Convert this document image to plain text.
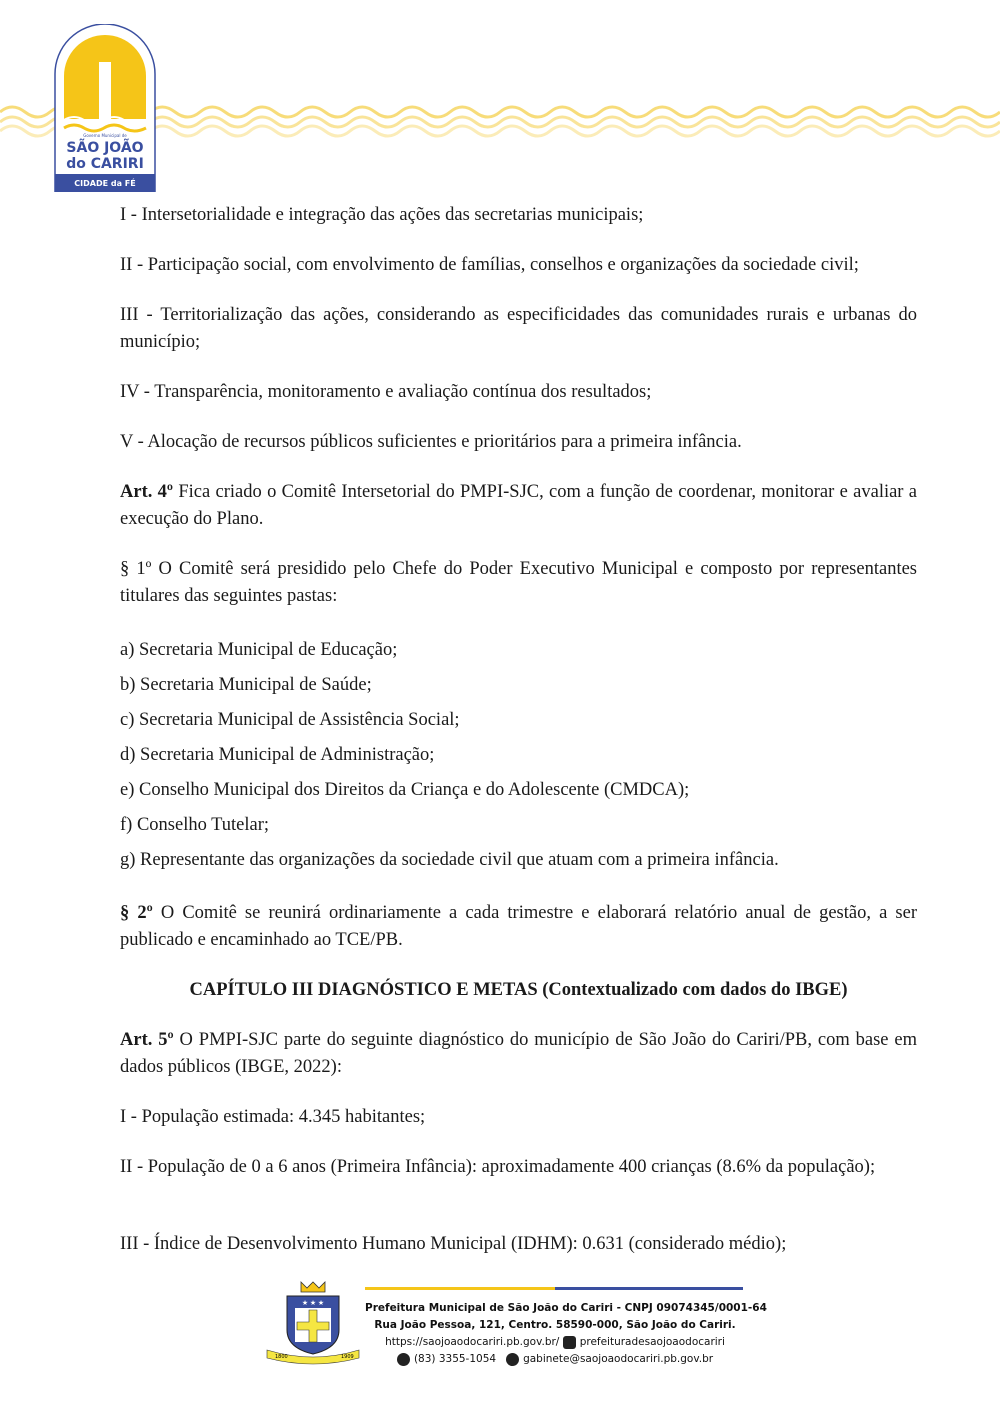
Governo Municipal de
SÃO JOÃO
do CARIRI
CIDADE da FÉ
I - Intersetorialidade e integração das ações das secretarias municipais;
II - Participação social, com envolvimento de famílias, conselhos e organizações da sociedade civil;
III - Territorialização das ações, considerando as especificidades das comunidades rurais e urbanas do município;
IV - Transparência, monitoramento e avaliação contínua dos resultados;
V - Alocação de recursos públicos suficientes e prioritários para a primeira infância.
Art. 4º Fica criado o Comitê Intersetorial do PMPI-SJC, com a função de coordenar, monitorar e avaliar a execução do Plano.
§ 1º O Comitê será presidido pelo Chefe do Poder Executivo Municipal e composto por representantes titulares das seguintes pastas:
a) Secretaria Municipal de Educação;
b) Secretaria Municipal de Saúde;
c) Secretaria Municipal de Assistência Social;
d) Secretaria Municipal de Administração;
e) Conselho Municipal dos Direitos da Criança e do Adolescente (CMDCA);
f) Conselho Tutelar;
g) Representante das organizações da sociedade civil que atuam com a primeira infância.
§ 2º O Comitê se reunirá ordinariamente a cada trimestre e elaborará relatório anual de gestão, a ser publicado e encaminhado ao TCE/PB.
CAPÍTULO III DIAGNÓSTICO E METAS (Contextualizado com dados do IBGE)
Art. 5º O PMPI-SJC parte do seguinte diagnóstico do município de São João do Cariri/PB, com base em dados públicos (IBGE, 2022):
I - População estimada: 4.345 habitantes;
II - População de 0 a 6 anos (Primeira Infância): aproximadamente 400 crianças (8.6% da população);
III - Índice de Desenvolvimento Humano Municipal (IDHM): 0.631 (considerado médio);
★ ★ ★
1800	1909
Prefeitura Municipal de São João do Cariri - CNPJ 09074345/0001-64
Rua João Pessoa, 121, Centro. 58590-000, São João do Cariri.
https://saojoaodocariri.pb.gov.br/ prefeituradesaojoaodocariri
(83) 3355-1054	gabinete@saojoaodocariri.pb.gov.br
